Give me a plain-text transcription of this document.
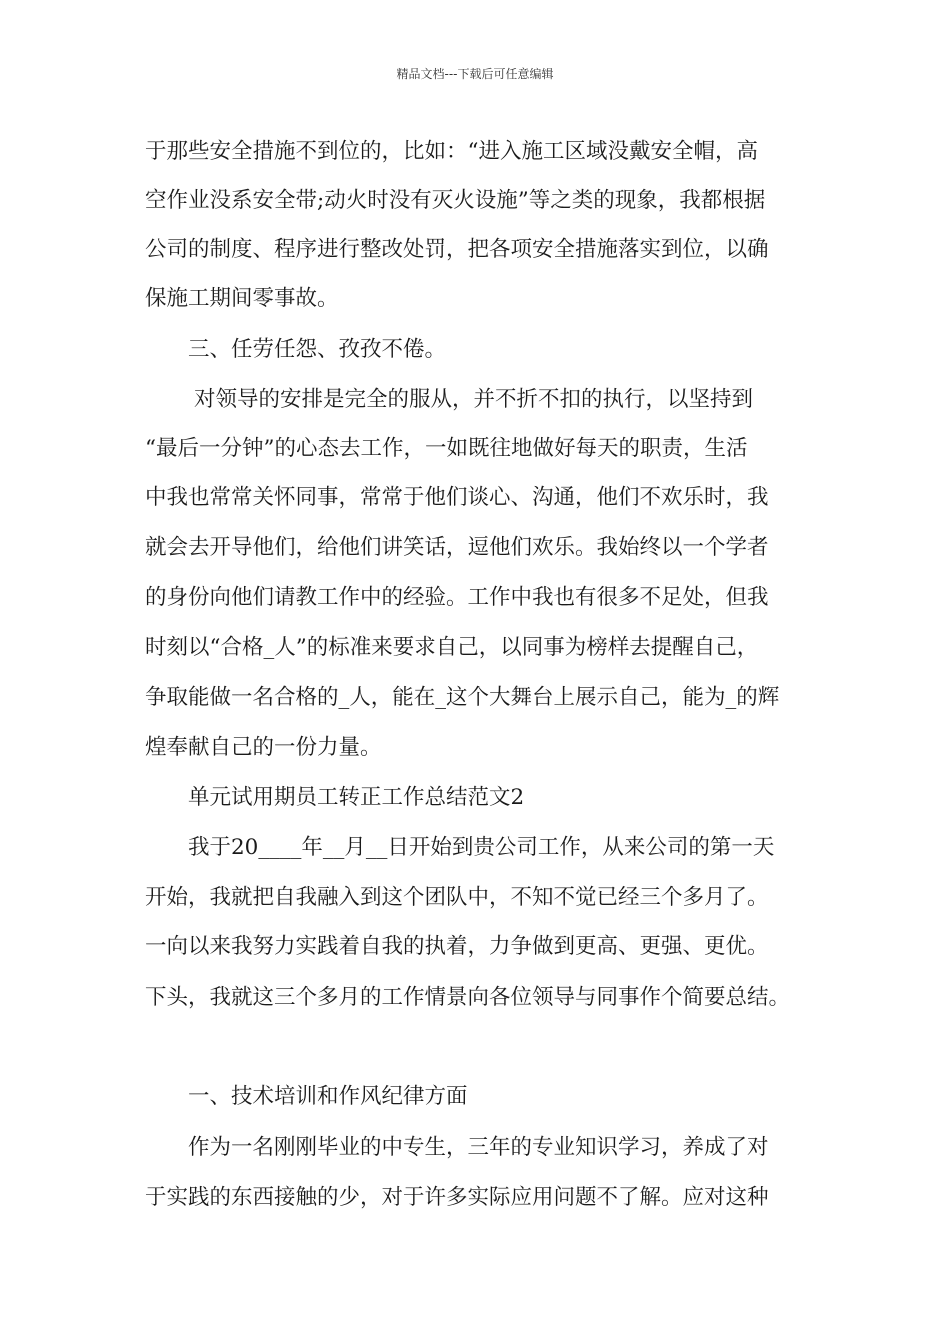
精品文档---下载后可任意编辑
于那些安全措施不到位的，比如：“进入施工区域没戴安全帽，高
空作业没系安全带;动火时没有灭火设施”等之类的现象，我都根据
公司的制度、程序进行整改处罚，把各项安全措施落实到位，以确
保施工期间零事故。
三、任劳任怨、孜孜不倦。
对领导的安排是完全的服从，并不折不扣的执行，以坚持到
“最后一分钟”的心态去工作，一如既往地做好每天的职责，生活
中我也常常关怀同事，常常于他们谈心、沟通，他们不欢乐时，我
就会去开导他们，给他们讲笑话，逗他们欢乐。我始终以一个学者
的身份向他们请教工作中的经验。工作中我也有很多不足处，但我
时刻以“合格_人”的标准来要求自己，以同事为榜样去提醒自己，
争取能做一名合格的_人，能在_这个大舞台上展示自己，能为_的辉
煌奉献自己的一份力量。
单元试用期员工转正工作总结范文2
我于20____年__月__日开始到贵公司工作，从来公司的第一天
开始，我就把自我融入到这个团队中，不知不觉已经三个多月了。
一向以来我努力实践着自我的执着，力争做到更高、更强、更优。
下头，我就这三个多月的工作情景向各位领导与同事作个简要总结。
一、技术培训和作风纪律方面
作为一名刚刚毕业的中专生，三年的专业知识学习，养成了对
于实践的东西接触的少，对于许多实际应用问题不了解。应对这种
